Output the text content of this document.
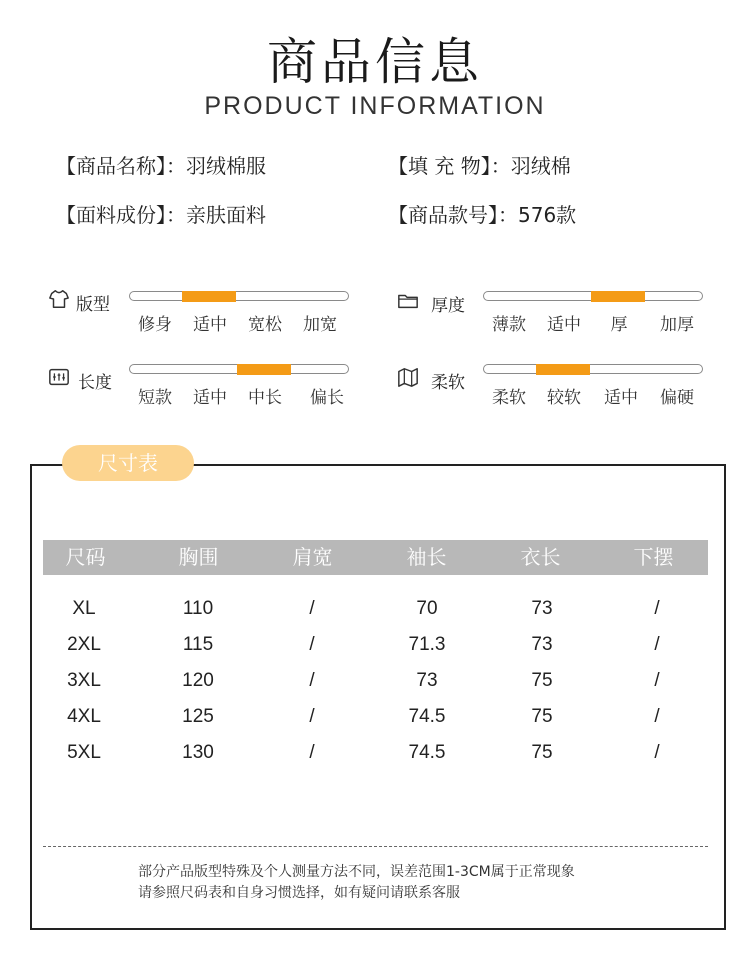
商品信息
PRODUCT INFORMATION
【商品名称】：羽绒棉服	【填 充 物】：羽绒棉
【面料成份】：亲肤面料	【商品款号】：576款
版型
修身	适中	宽松	加宽
厚度
薄款	适中	厚	加厚
长度
短款	适中	中长	偏长
柔软
柔软	较软	适中	偏硬
尺寸表
尺码	胸围	肩宽	袖长	衣长	下摆
XL	110	/	70	73	/
2XL	115	/	71.3	73	/
3XL	120	/	73	75	/
4XL	125	/	74.5	75	/
5XL	130	/	74.5	75	/
部分产品版型特殊及个人测量方法不同，误差范围1-3CM属于正常现象
请参照尺码表和自身习惯选择，如有疑问请联系客服
